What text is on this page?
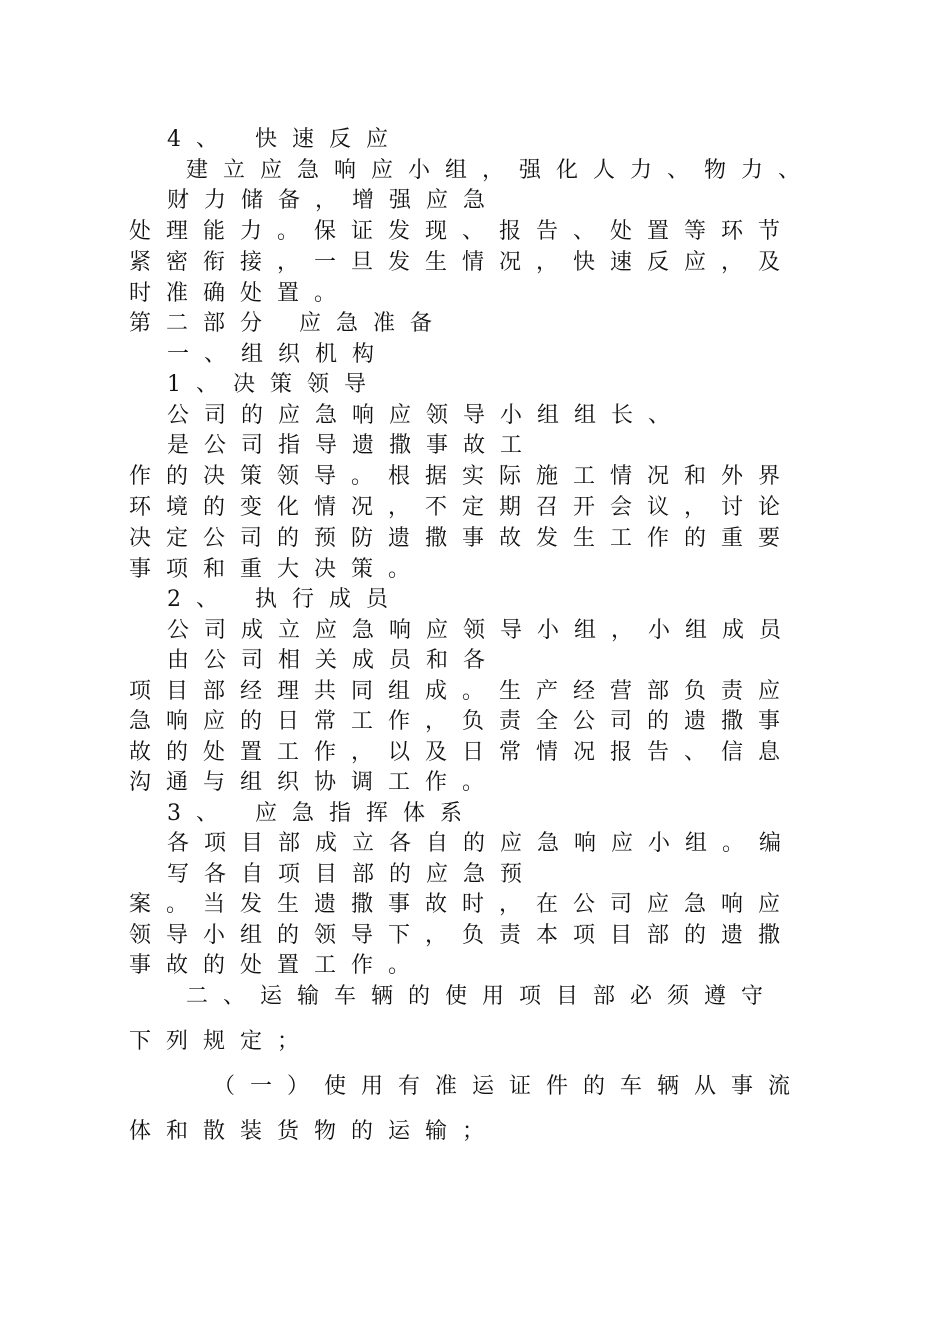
4、 快速反应
建立应急响应小组，强化人力、物力、
财力储备，增强应急
处理能力。保证发现、报告、处置等环节
紧密衔接，一旦发生情况，快速反应，及
时准确处置。
第二部分 应急准备
一、组织机构
1、决策领导
公司的应急响应领导小组组长、
是公司指导遗撒事故工
作的决策领导。根据实际施工情况和外界
环境的变化情况，不定期召开会议，讨论
决定公司的预防遗撒事故发生工作的重要
事项和重大决策。
2、 执行成员
公司成立应急响应领导小组，小组成员
由公司相关成员和各
项目部经理共同组成。生产经营部负责应
急响应的日常工作，负责全公司的遗撒事
故的处置工作，以及日常情况报告、信息
沟通与组织协调工作。
3、 应急指挥体系
各项目部成立各自的应急响应小组。编
写各自项目部的应急预
案。当发生遗撒事故时，在公司应急响应
领导小组的领导下，负责本项目部的遗撒
事故的处置工作。
二、运输车辆的使用项目部必须遵守
下列规定；
（一）使用有准运证件的车辆从事流
体和散装货物的运输；
